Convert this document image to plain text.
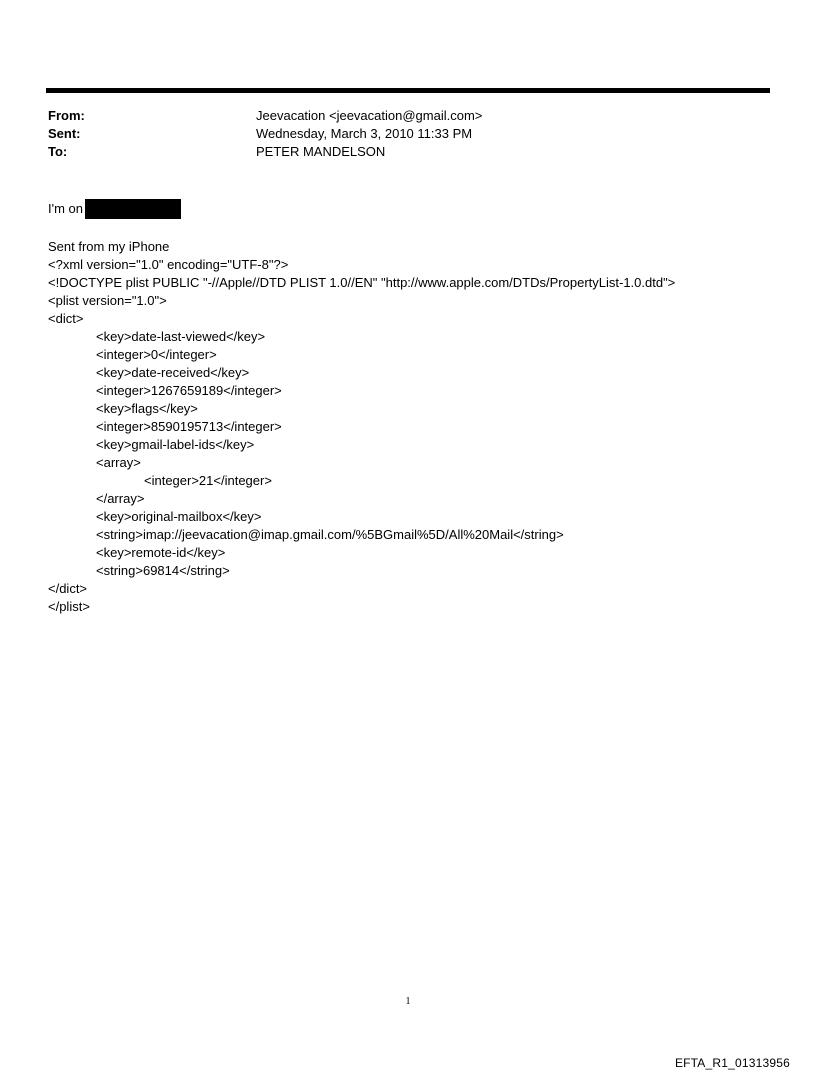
From:	Jeevacation <jeevacation@gmail.com>
Sent:	Wednesday, March 3, 2010 11:33 PM
To:	PETER MANDELSON
I'm on
Sent from my iPhone
<?xml version="1.0" encoding="UTF-8"?>
<!DOCTYPE plist PUBLIC "-//Apple//DTD PLIST 1.0//EN" "http://www.apple.com/DTDs/PropertyList-1.0.dtd">
<plist version="1.0">
<dict>
<key>date-last-viewed</key>
<integer>0</integer>
<key>date-received</key>
<integer>1267659189</integer>
<key>flags</key>
<integer>8590195713</integer>
<key>gmail-label-ids</key>
<array>
<integer>21</integer>
</array>
<key>original-mailbox</key>
<string>imap://jeevacation@imap.gmail.com/%5BGmail%5D/All%20Mail</string>
<key>remote-id</key>
<string>69814</string>
</dict>
</plist>
1
EFTA_R1_01313956
